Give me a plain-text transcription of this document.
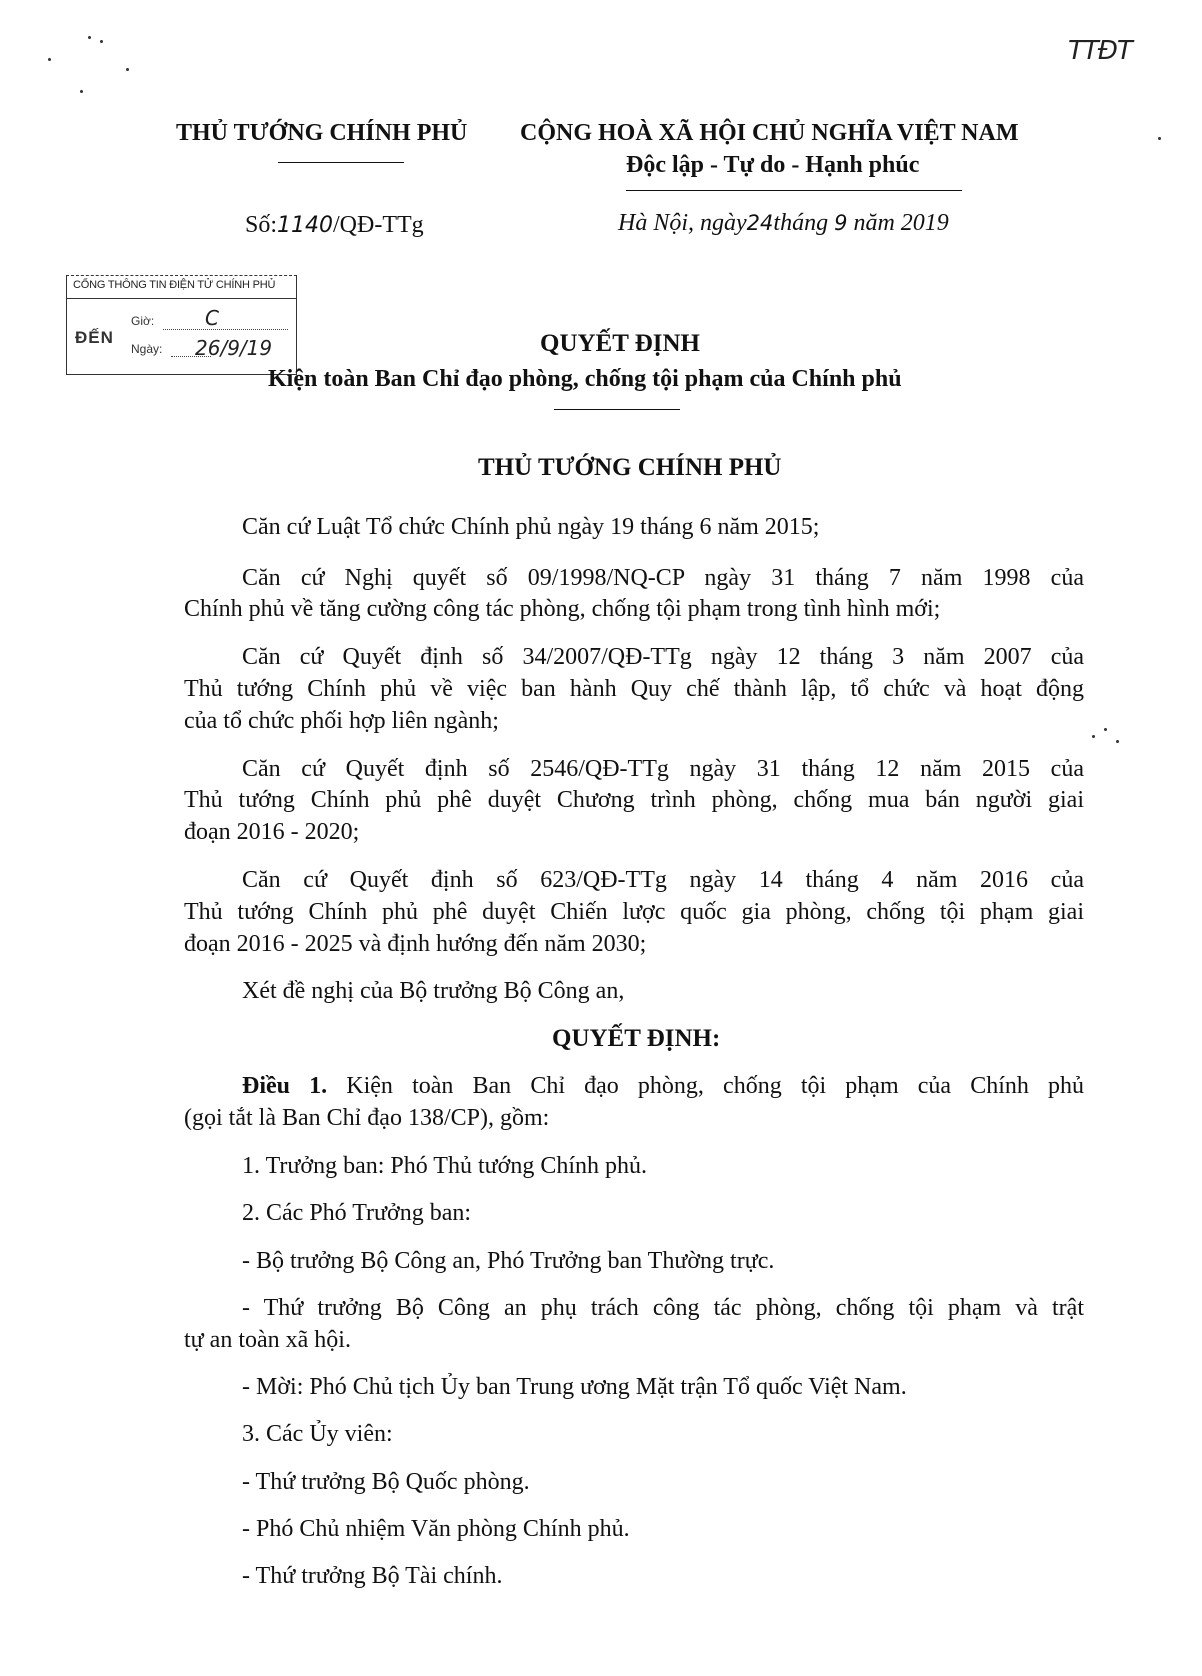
TTĐT
THỦ TƯỚNG CHÍNH PHỦ CỘNG HOÀ XÃ HỘI CHỦ NGHĨA VIỆT NAM
Độc lập - Tự do - Hạnh phúc
Số:1140/QĐ-TTg	Hà Nội, ngày24tháng 9 năm 2019
CỔNG THÔNG TIN ĐIỆN TỬ CHÍNH PHỦ
ĐẾN
Giờ:	C
Ngày: 26/9/19	QUYẾT ĐỊNH
Kiện toàn Ban Chỉ đạo phòng, chống tội phạm của Chính phủ
THỦ TƯỚNG CHÍNH PHỦ
Căn cứ Luật Tổ chức Chính phủ ngày 19 tháng 6 năm 2015;
Căn cứ Nghị quyết số 09/1998/NQ-CP ngày 31 tháng 7 năm 1998 của
Chính phủ về tăng cường công tác phòng, chống tội phạm trong tình hình mới;
Căn cứ Quyết định số 34/2007/QĐ-TTg ngày 12 tháng 3 năm 2007 của
Thủ tướng Chính phủ về việc ban hành Quy chế thành lập, tổ chức và hoạt động
của tổ chức phối hợp liên ngành;
Căn cứ Quyết định số 2546/QĐ-TTg ngày 31 tháng 12 năm 2015 của
Thủ tướng Chính phủ phê duyệt Chương trình phòng, chống mua bán người giai
đoạn 2016 - 2020;
Căn cứ Quyết định số 623/QĐ-TTg ngày 14 tháng 4 năm 2016 của
Thủ tướng Chính phủ phê duyệt Chiến lược quốc gia phòng, chống tội phạm giai
đoạn 2016 - 2025 và định hướng đến năm 2030;
Xét đề nghị của Bộ trưởng Bộ Công an,
QUYẾT ĐỊNH:
Điều 1. Kiện toàn Ban Chỉ đạo phòng, chống tội phạm của Chính phủ
(gọi tắt là Ban Chỉ đạo 138/CP), gồm:
1. Trưởng ban: Phó Thủ tướng Chính phủ.
2. Các Phó Trưởng ban:
- Bộ trưởng Bộ Công an, Phó Trưởng ban Thường trực.
- Thứ trưởng Bộ Công an phụ trách công tác phòng, chống tội phạm và trật
tự an toàn xã hội.
- Mời: Phó Chủ tịch Ủy ban Trung ương Mặt trận Tổ quốc Việt Nam.
3. Các Ủy viên:
- Thứ trưởng Bộ Quốc phòng.
- Phó Chủ nhiệm Văn phòng Chính phủ.
- Thứ trưởng Bộ Tài chính.
